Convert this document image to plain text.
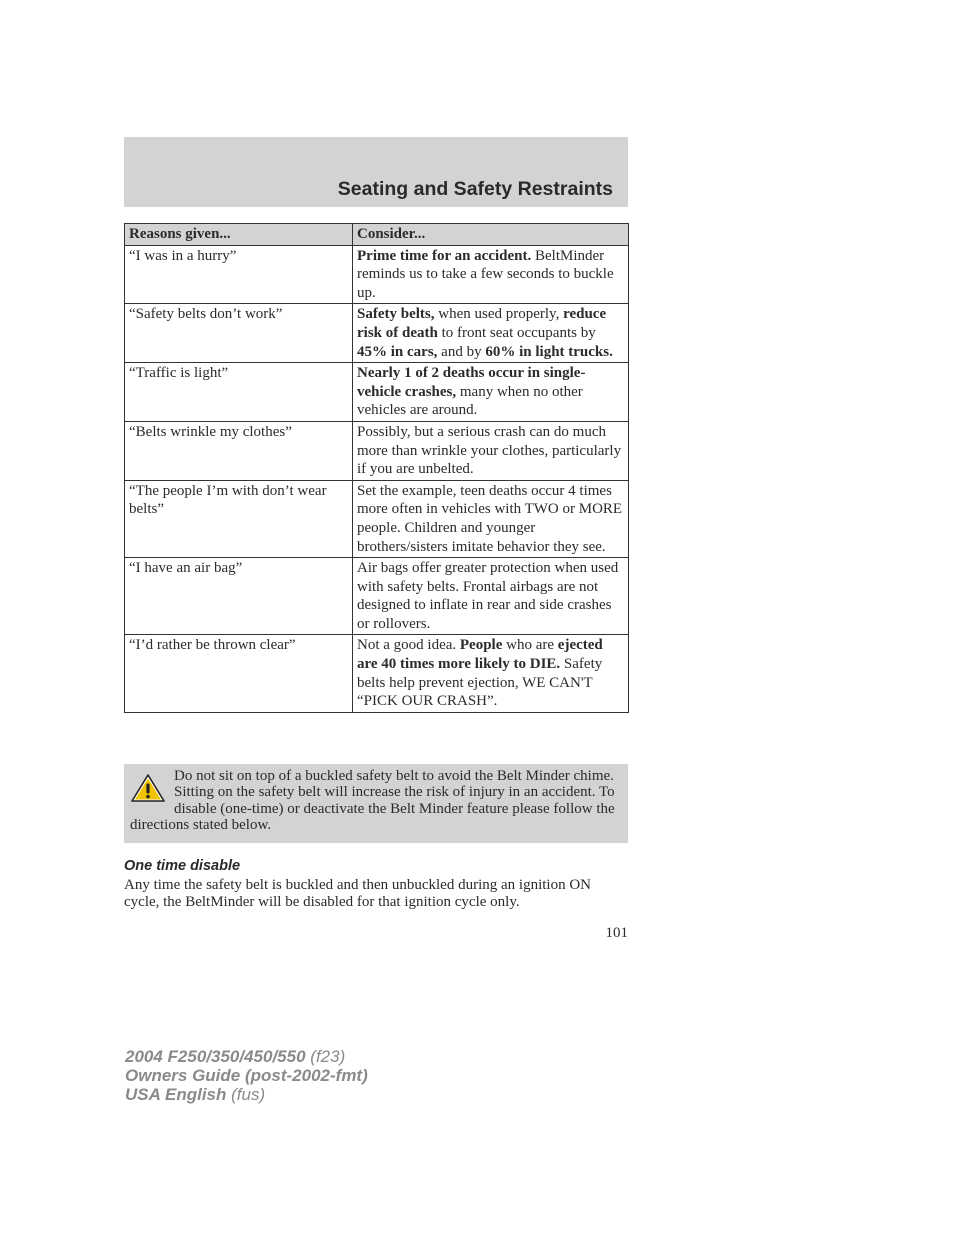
Seating and Safety Restraints
Reasons given...	Consider...
“I was in a hurry”	Prime time for an accident. BeltMinder reminds us to take a few seconds to buckle up.
“Safety belts don’t work”	Safety belts, when used properly, reduce risk of death to front seat occupants by 45% in cars, and by 60% in light trucks.
“Traffic is light”	Nearly 1 of 2 deaths occur in single-vehicle crashes, many when no other vehicles are around.
“Belts wrinkle my clothes”	Possibly, but a serious crash can do much more than wrinkle your clothes, particularly if you are unbelted.
“The people I’m with don’t wear belts”	Set the example, teen deaths occur 4 times more often in vehicles with TWO or MORE people. Children and younger brothers/sisters imitate behavior they see.
“I have an air bag”	Air bags offer greater protection when used with safety belts. Frontal airbags are not designed to inflate in rear and side crashes or rollovers.
“I’d rather be thrown clear”	Not a good idea. People who are ejected are 40 times more likely to DIE. Safety belts help prevent ejection, WE CAN'T “PICK OUR CRASH”.
Do not sit on top of a buckled safety belt to avoid the Belt Minder chime. Sitting on the safety belt will increase the risk of injury in an accident. To disable (one-time) or deactivate the Belt Minder feature please follow the directions stated below.
One time disable
Any time the safety belt is buckled and then unbuckled during an ignition ON cycle, the BeltMinder will be disabled for that ignition cycle only.
101
2004 F250/350/450/550 (f23)
Owners Guide (post-2002-fmt)
USA English (fus)
